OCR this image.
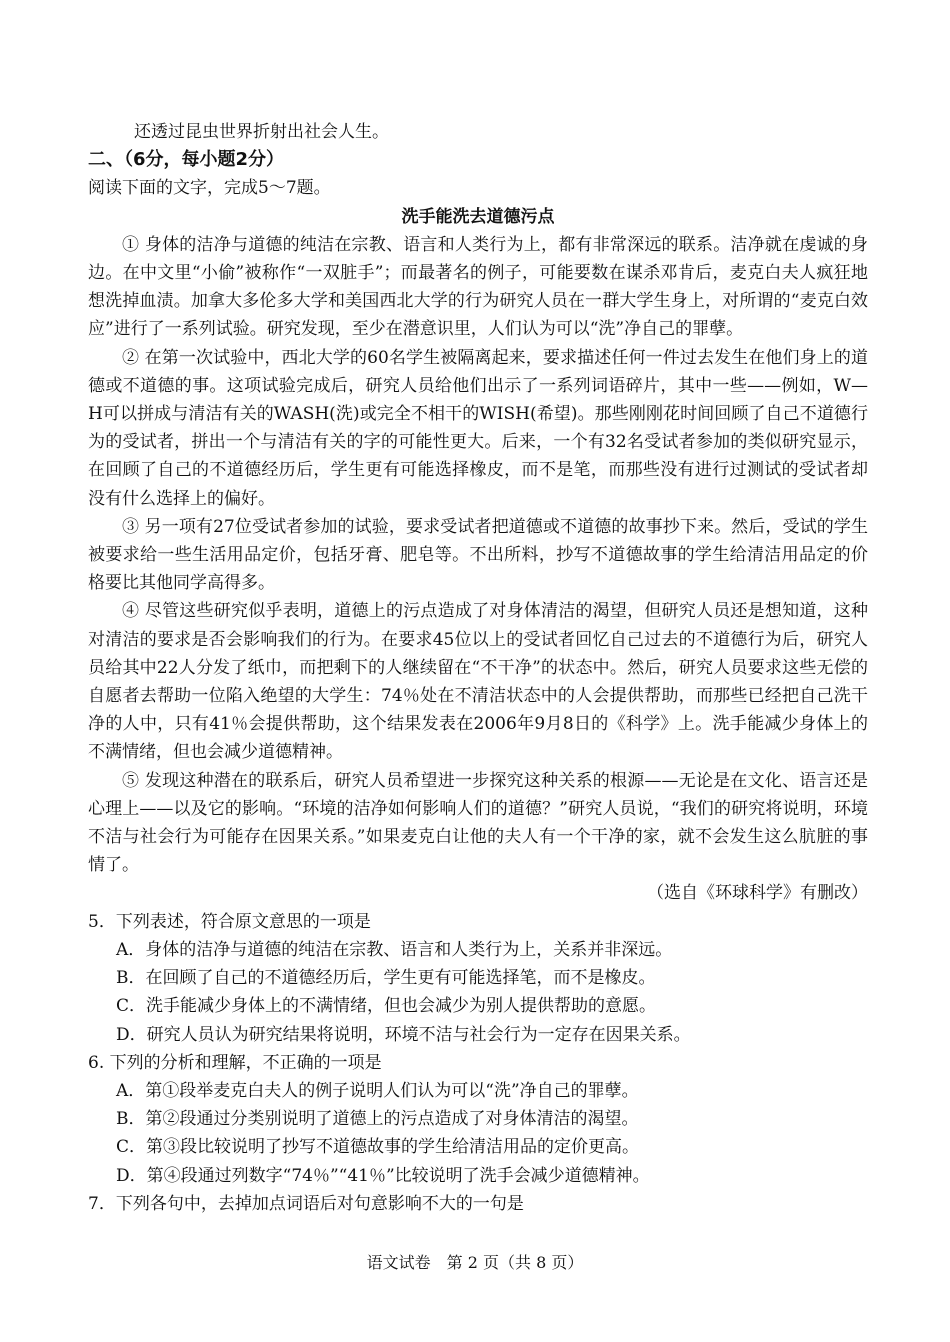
还透过昆虫世界折射出社会人生。
二、（6分，每小题2分）
阅读下面的文字，完成5～7题。
洗手能洗去道德污点
① 身体的洁净与道德的纯洁在宗教、语言和人类行为上，都有非常深远的联系。洁净就在虔诚的身边。在中文里“小偷”被称作“一双脏手”；而最著名的例子，可能要数在谋杀邓肯后，麦克白夫人疯狂地想洗掉血渍。加拿大多伦多大学和美国西北大学的行为研究人员在一群大学生身上，对所谓的“麦克白效应”进行了一系列试验。研究发现，至少在潜意识里，人们认为可以“洗”净自己的罪孽。
② 在第一次试验中，西北大学的60名学生被隔离起来，要求描述任何一件过去发生在他们身上的道德或不道德的事。这项试验完成后，研究人员给他们出示了一系列词语碎片，其中一些——例如，W—H可以拼成与清洁有关的WASH(洗)或完全不相干的WISH(希望)。那些刚刚花时间回顾了自己不道德行为的受试者，拼出一个与清洁有关的字的可能性更大。后来，一个有32名受试者参加的类似研究显示，在回顾了自己的不道德经历后，学生更有可能选择橡皮，而不是笔，而那些没有进行过测试的受试者却没有什么选择上的偏好。
③ 另一项有27位受试者参加的试验，要求受试者把道德或不道德的故事抄下来。然后，受试的学生被要求给一些生活用品定价，包括牙膏、肥皂等。不出所料，抄写不道德故事的学生给清洁用品定的价格要比其他同学高得多。
④ 尽管这些研究似乎表明，道德上的污点造成了对身体清洁的渴望，但研究人员还是想知道，这种对清洁的要求是否会影响我们的行为。在要求45位以上的受试者回忆自己过去的不道德行为后，研究人员给其中22人分发了纸巾，而把剩下的人继续留在“不干净”的状态中。然后，研究人员要求这些无偿的自愿者去帮助一位陷入绝望的大学生：74％处在不清洁状态中的人会提供帮助，而那些已经把自己洗干净的人中，只有41％会提供帮助，这个结果发表在2006年9月8日的《科学》上。洗手能减少身体上的不满情绪，但也会减少道德精神。
⑤ 发现这种潜在的联系后，研究人员希望进一步探究这种关系的根源——无论是在文化、语言还是心理上——以及它的影响。“环境的洁净如何影响人们的道德？”研究人员说，“我们的研究将说明，环境不洁与社会行为可能存在因果关系。”如果麦克白让他的夫人有一个干净的家，就不会发生这么肮脏的事情了。
（选自《环球科学》有删改）
5．下列表述，符合原文意思的一项是
A．身体的洁净与道德的纯洁在宗教、语言和人类行为上，关系并非深远。
B．在回顾了自己的不道德经历后，学生更有可能选择笔，而不是橡皮。
C．洗手能减少身体上的不满情绪，但也会减少为别人提供帮助的意愿。
D．研究人员认为研究结果将说明，环境不洁与社会行为一定存在因果关系。
6. 下列的分析和理解，不正确的一项是
A．第①段举麦克白夫人的例子说明人们认为可以“洗”净自己的罪孽。
B．第②段通过分类别说明了道德上的污点造成了对身体清洁的渴望。
C．第③段比较说明了抄写不道德故事的学生给清洁用品的定价更高。
D．第④段通过列数字“74％”“41％”比较说明了洗手会减少道德精神。
7．下列各句中，去掉加点词语后对句意影响不大的一句是
语文试卷　第 2 页（共 8 页）
